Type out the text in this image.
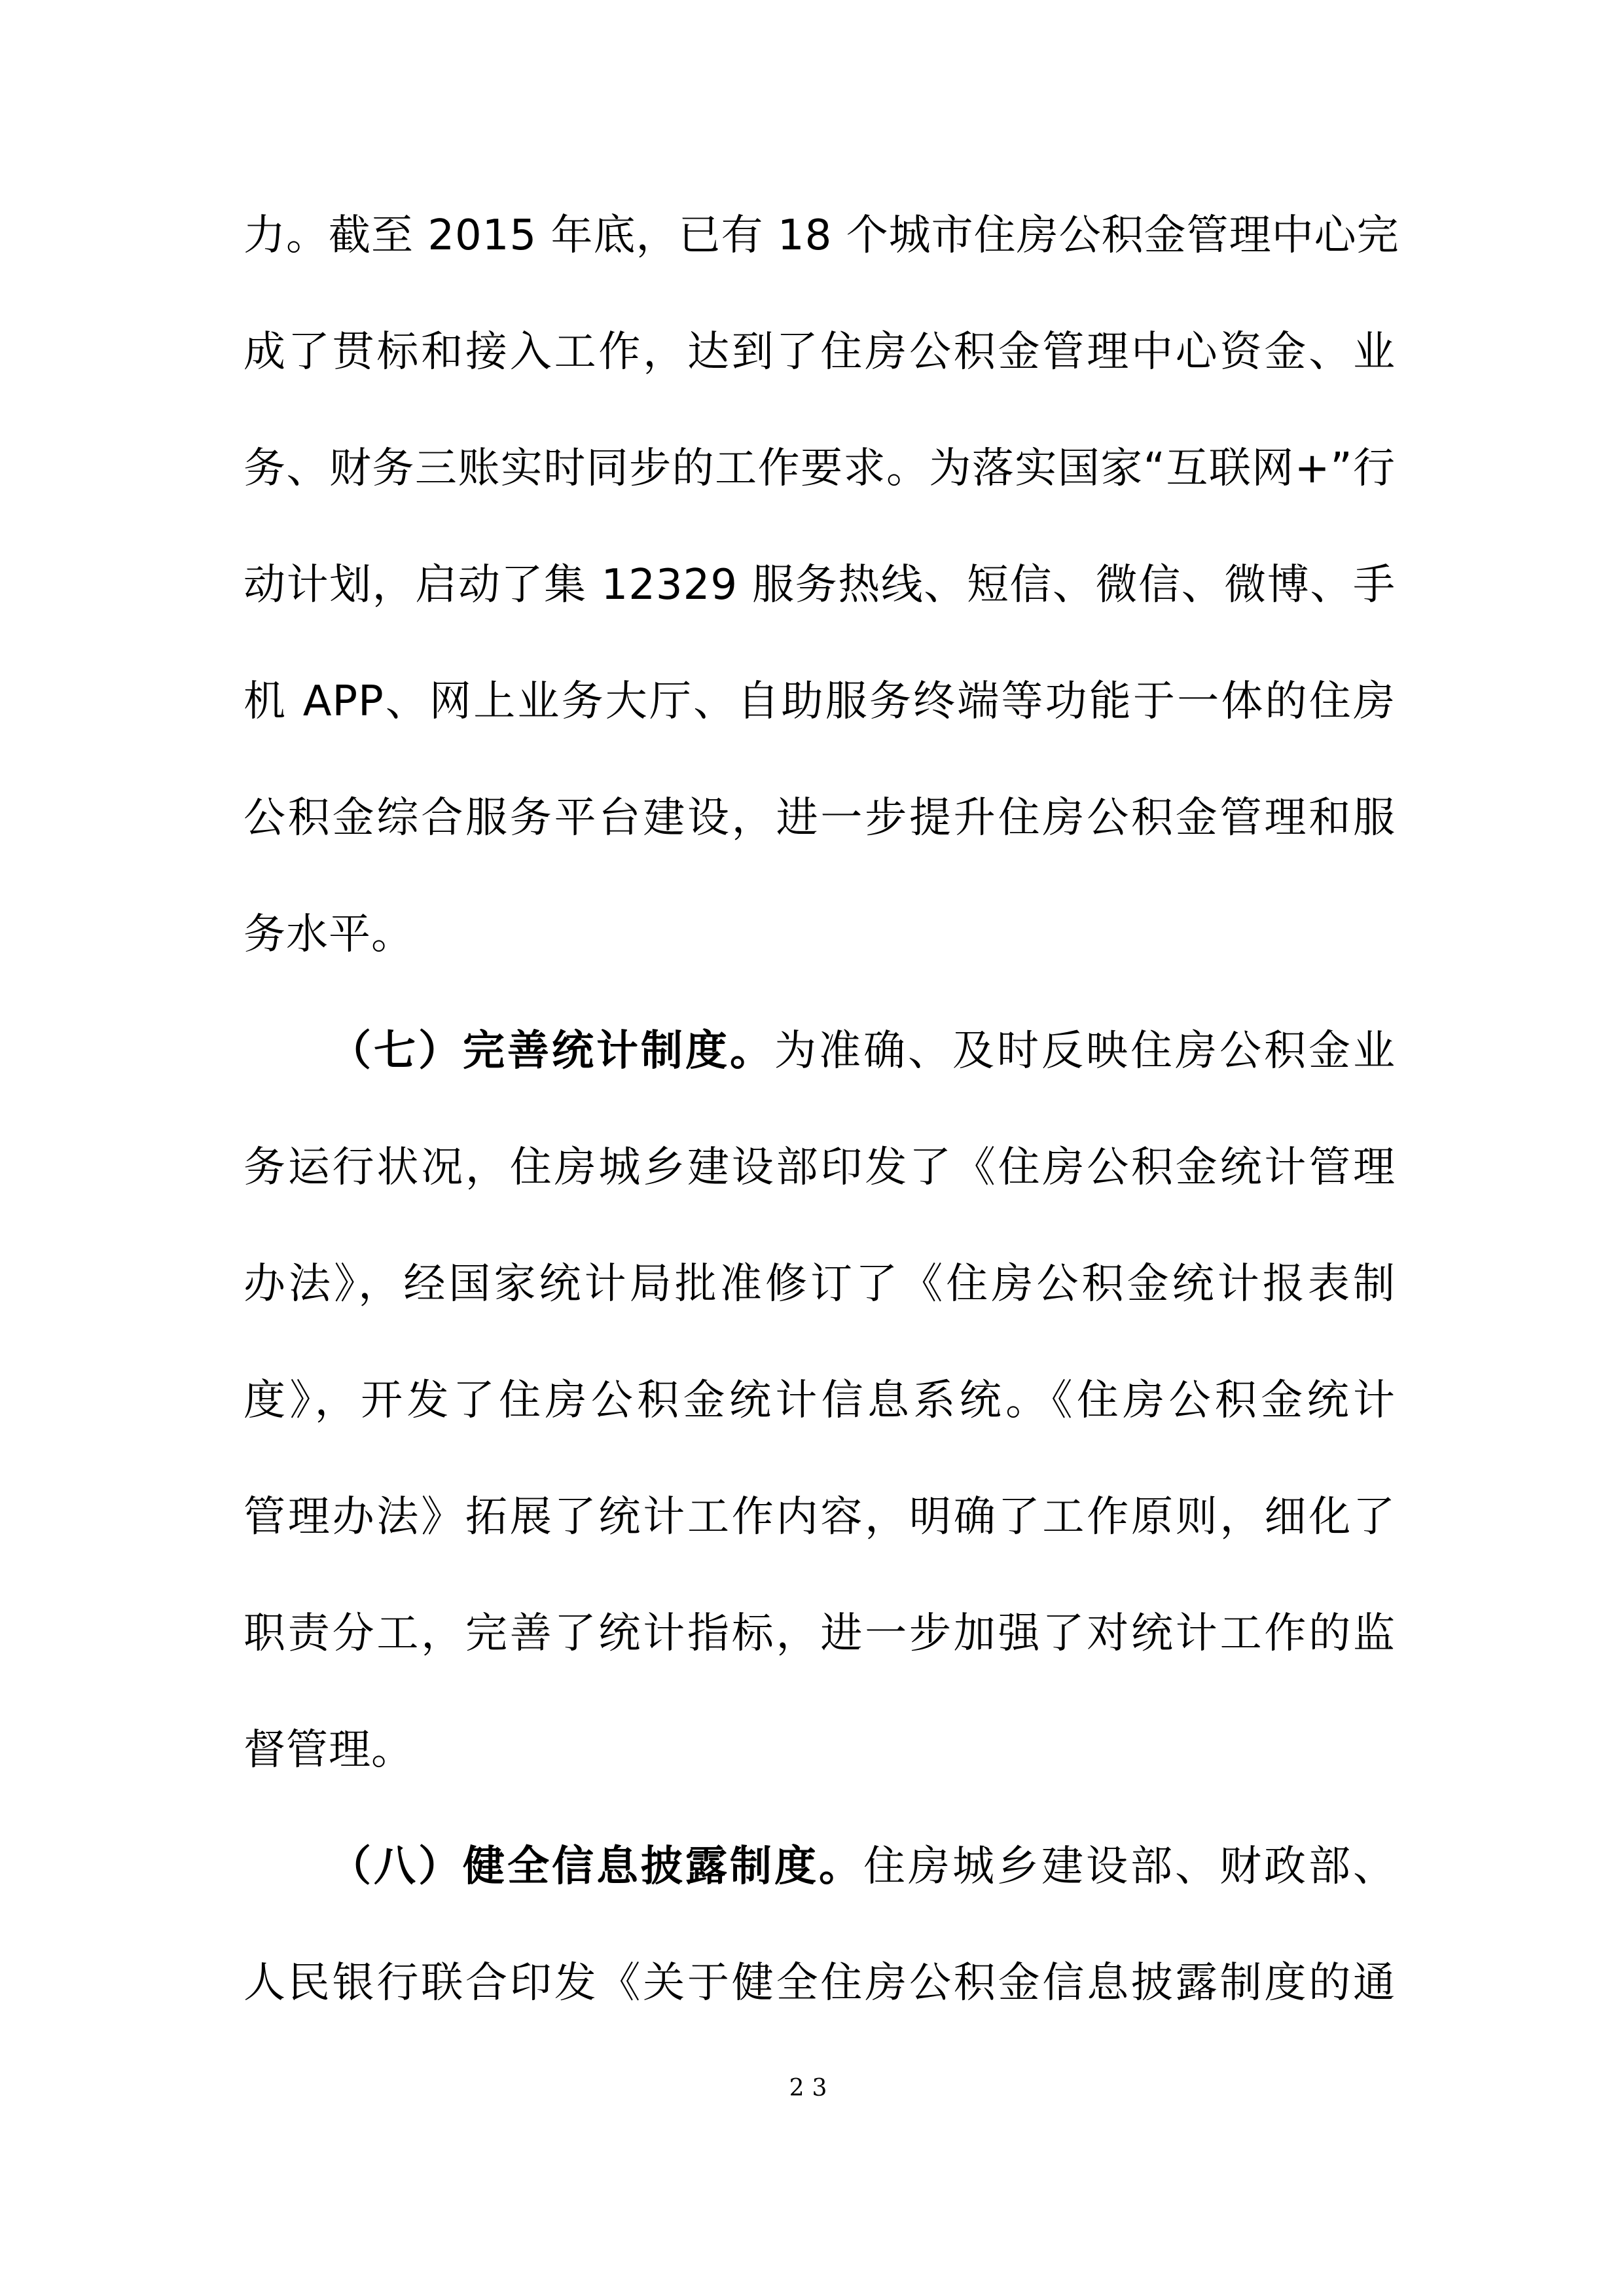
力。截至 2015 年底，已有 18 个城市住房公积金管理中心完
成了贯标和接入工作，达到了住房公积金管理中心资金、业
务、财务三账实时同步的工作要求。为落实国家“互联网+”行
动计划，启动了集 12329 服务热线、短信、微信、微博、手
机 APP、网上业务大厅、自助服务终端等功能于一体的住房
公积金综合服务平台建设，进一步提升住房公积金管理和服
务水平。
（七）完善统计制度。为准确、及时反映住房公积金业
务运行状况，住房城乡建设部印发了《住房公积金统计管理
办法》，经国家统计局批准修订了《住房公积金统计报表制
度》，开发了住房公积金统计信息系统。《住房公积金统计
管理办法》拓展了统计工作内容，明确了工作原则，细化了
职责分工，完善了统计指标，进一步加强了对统计工作的监
督管理。
（八）健全信息披露制度。住房城乡建设部、财政部、
人民银行联合印发《关于健全住房公积金信息披露制度的通
23
